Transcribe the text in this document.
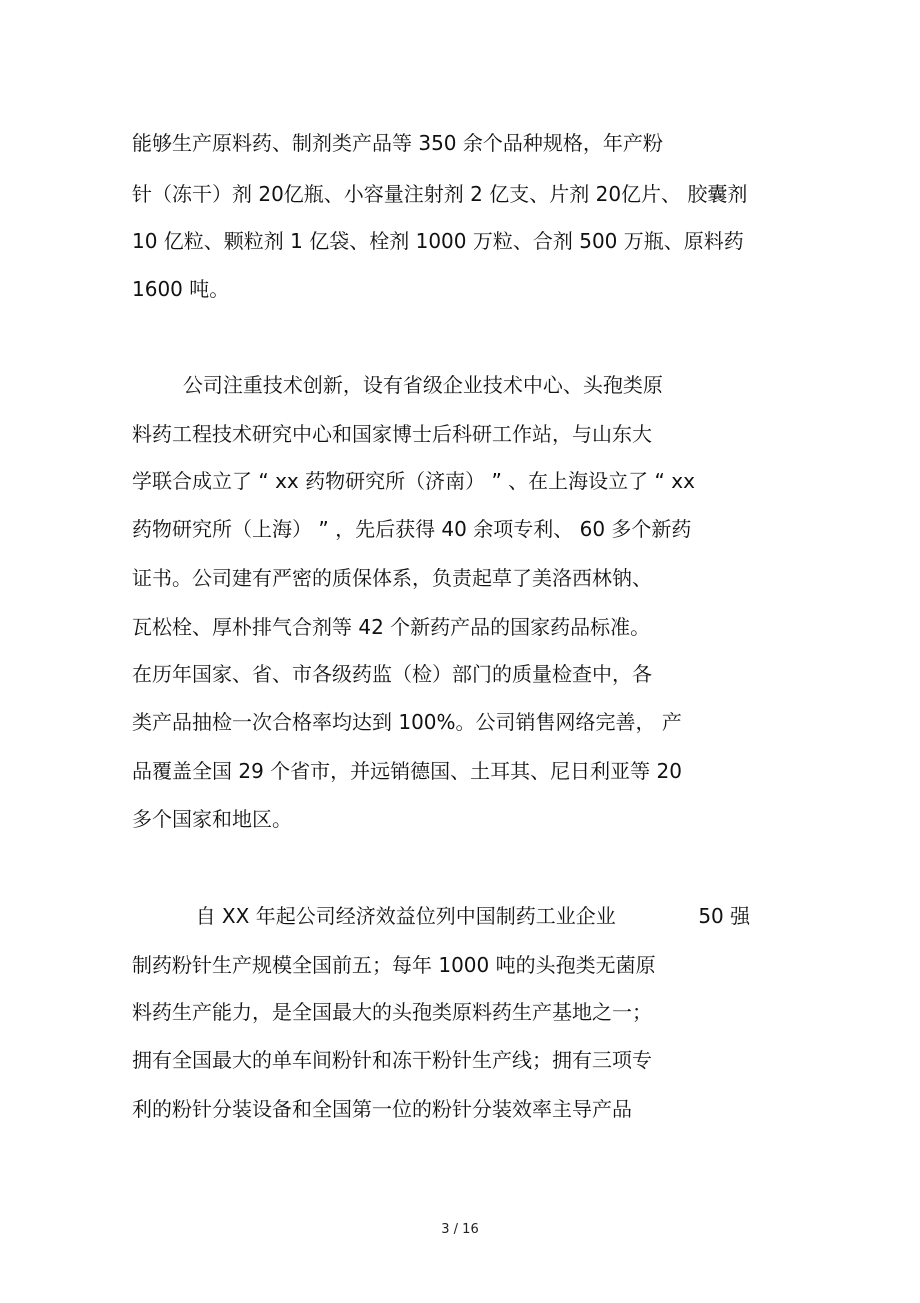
能够生产原料药、制剂类产品等 350 余个品种规格，年产粉
针（冻干）剂 20亿瓶、小容量注射剂 2 亿支、片剂 20亿片、 胶囊剂
10 亿粒、颗粒剂 1 亿袋、栓剂 1000 万粒、合剂 500 万瓶、原料药
1600 吨。
公司注重技术创新，设有省级企业技术中心、头孢类原
料药工程技术研究中心和国家博士后科研工作站，与山东大
学联合成立了 “ xx 药物研究所（济南） ” 、在上海设立了 “ xx
药物研究所（上海） ” ，先后获得 40 余项专利、 60 多个新药
证书。公司建有严密的质保体系，负责起草了美洛西林钠、
瓦松栓、厚朴排气合剂等 42 个新药产品的国家药品标准。
在历年国家、省、市各级药监（检）部门的质量检查中，各
类产品抽检一次合格率均达到 100%。公司销售网络完善， 产
品覆盖全国 29 个省市，并远销德国、土耳其、尼日利亚等 20
多个国家和地区。
自 XX 年起公司经济效益位列中国制药工业企业             50 强
制药粉针生产规模全国前五；每年 1000 吨的头孢类无菌原
料药生产能力，是全国最大的头孢类原料药生产基地之一；
拥有全国最大的单车间粉针和冻干粉针生产线；拥有三项专
利的粉针分装设备和全国第一位的粉针分装效率主导产品
3 / 16
